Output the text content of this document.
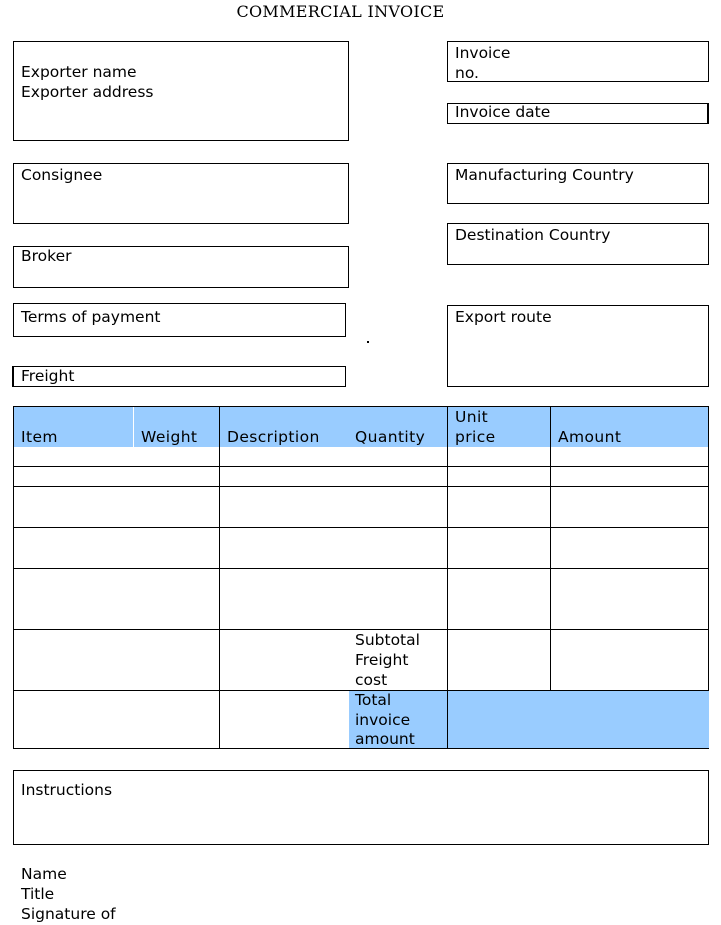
COMMERCIAL INVOICE
Exporter name
Exporter address
Consignee
Broker
Terms of payment
Freight
Invoice
no.
Invoice date
Manufacturing Country
Destination Country
Export route
Item	Weight Description Quantity
Unit
price	Amount
Subtotal
Freight
cost
Total
invoice
amount
Instructions
Name
Title
Signature of
